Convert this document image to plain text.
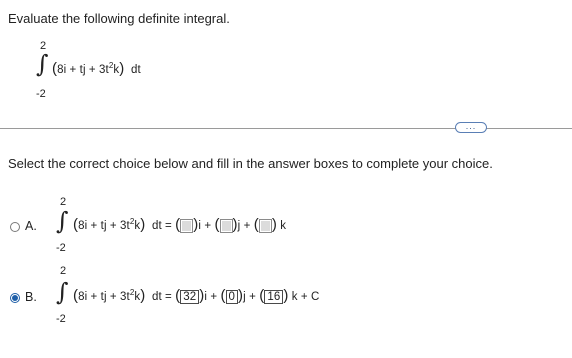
Evaluate the following definite integral.
2
∫
-2
(8i + tj + $3t^2k$) dt
...
Select the correct choice below and fill in the answer boxes to complete your choice.
A.
2
∫
-2
(8i + tj + $3t^2k$) dt = ( )i + ( )j + ( ) k
B.
2
∫
-2
(8i + tj + $3t^2k$) dt = ( 32 )i + ( 0 )j + ( 16 ) k + C
